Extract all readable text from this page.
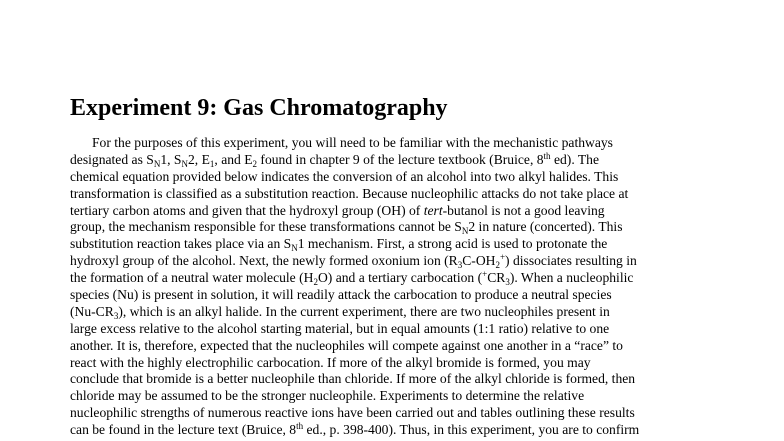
Experiment 9: Gas Chromatography
For the purposes of this experiment, you will need to be familiar with the mechanistic pathways
designated as $S_N1$, $S_N2$, $E_1$, and $E_2$ found in chapter 9 of the lecture textbook (Bruice, 8th ed). The
chemical equation provided below indicates the conversion of an alcohol into two alkyl halides. This
transformation is classified as a substitution reaction. Because nucleophilic attacks do not take place at
tertiary carbon atoms and given that the hydroxyl group (OH) of tert-butanol is not a good leaving
group, the mechanism responsible for these transformations cannot be $S_N2$ in nature (concerted). This
substitution reaction takes place via an $S_N1$ mechanism. First, a strong acid is used to protonate the
hydroxyl group of the alcohol. Next, the newly formed oxonium ion $(R_3C-OH_2^+)$ dissociates resulting in
the formation of a neutral water molecule $(H_2O)$ and a tertiary carbocation $(^+CR_3)$. When a nucleophilic
species (Nu) is present in solution, it will readily attack the carbocation to produce a neutral species
$(Nu-CR_3)$, which is an alkyl halide. In the current experiment, there are two nucleophiles present in
large excess relative to the alcohol starting material, but in equal amounts (1:1 ratio) relative to one
another. It is, therefore, expected that the nucleophiles will compete against one another in a “race” to
react with the highly electrophilic carbocation. If more of the alkyl bromide is formed, you may
conclude that bromide is a better nucleophile than chloride. If more of the alkyl chloride is formed, then
chloride may be assumed to be the stronger nucleophile. Experiments to determine the relative
nucleophilic strengths of numerous reactive ions have been carried out and tables outlining these results
can be found in the lecture text (Bruice, 8th ed., p. 398-400). Thus, in this experiment, you are to confirm
